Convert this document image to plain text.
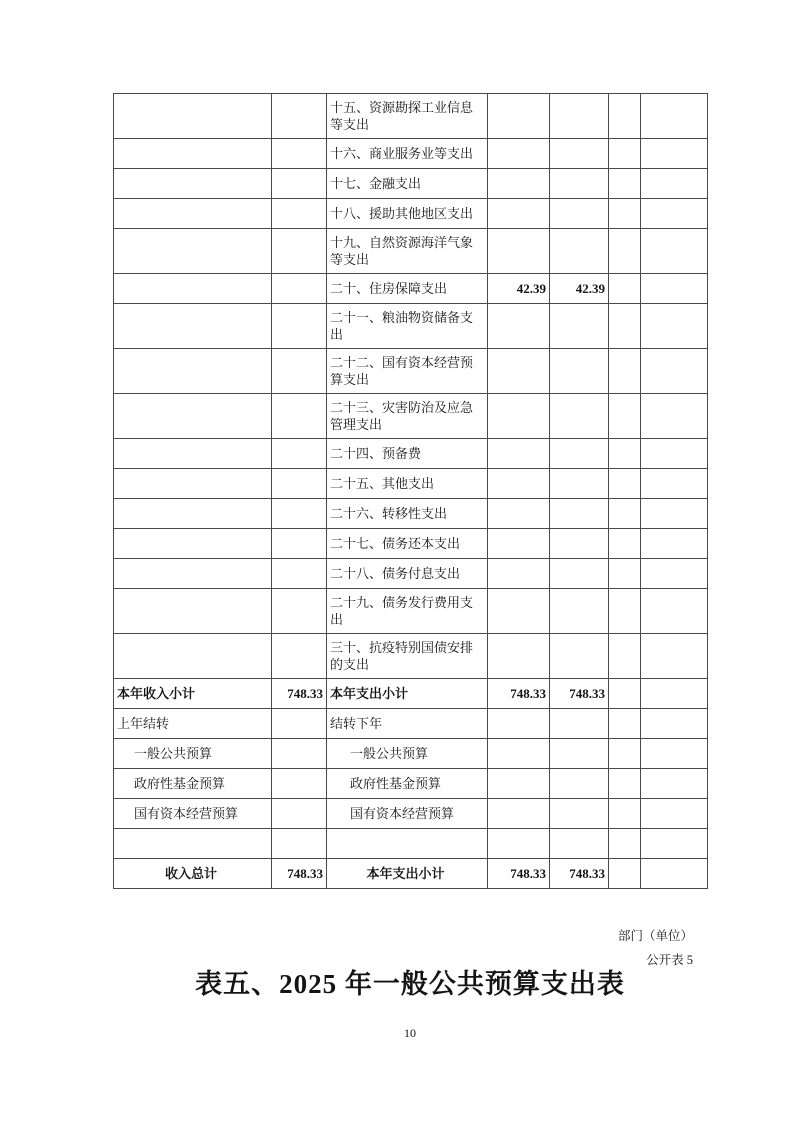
		十五、资源勘探工业信息等支出				
		十六、商业服务业等支出				
		十七、金融支出				
		十八、援助其他地区支出				
		十九、自然资源海洋气象等支出				
		二十、住房保障支出	42.39	42.39		
		二十一、粮油物资储备支出				
		二十二、国有资本经营预算支出				
		二十三、灾害防治及应急管理支出				
		二十四、预备费				
		二十五、其他支出				
		二十六、转移性支出				
		二十七、债务还本支出				
		二十八、债务付息支出				
		二十九、债务发行费用支出				
		三十、抗疫特别国债安排的支出				
本年收入小计	748.33	本年支出小计	748.33	748.33		
上年结转		结转下年				
一般公共预算		一般公共预算				
政府性基金预算		政府性基金预算				
国有资本经营预算		国有资本经营预算				

收入总计	748.33	本年支出小计	748.33	748.33		
部门（单位）
公开表 5
表五、2025 年一般公共预算支出表
10
